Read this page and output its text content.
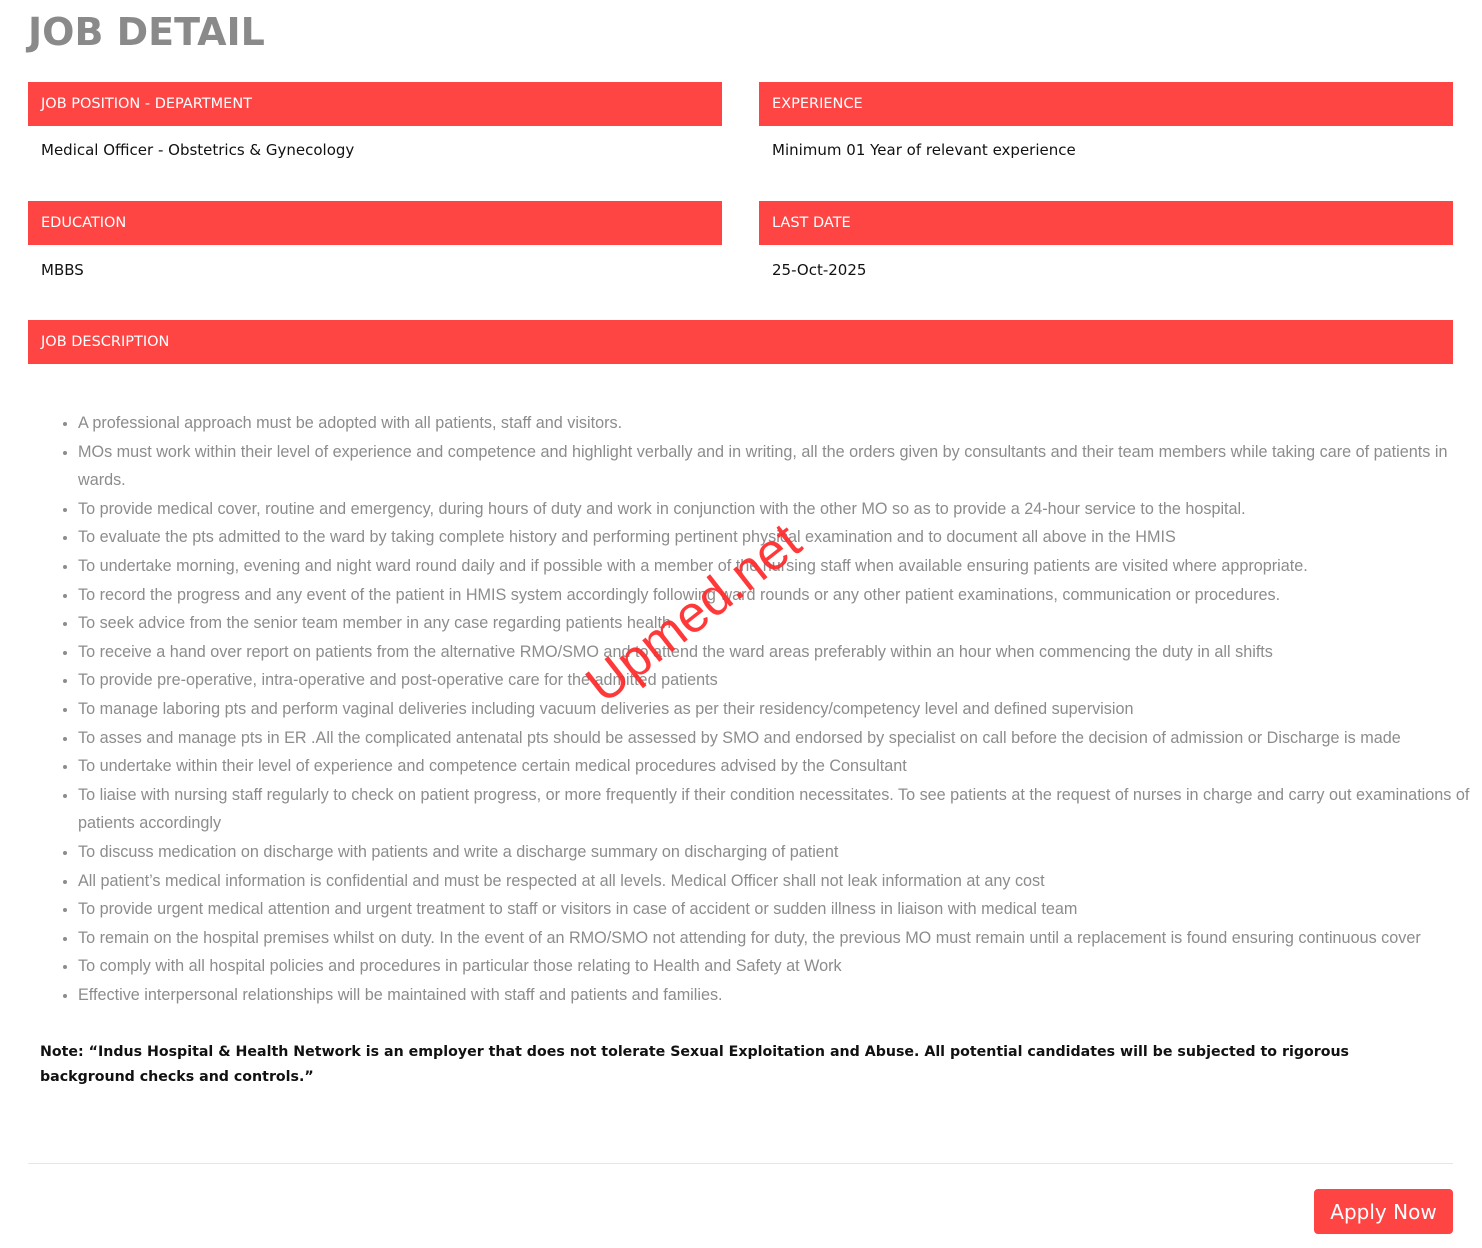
JOB DETAIL
JOB POSITION - DEPARTMENT
Medical Officer - Obstetrics & Gynecology
EXPERIENCE
Minimum 01 Year of relevant experience
EDUCATION
MBBS
LAST DATE
25-Oct-2025
JOB DESCRIPTION
• A professional approach must be adopted with all patients, staff and visitors.
• MOs must work within their level of experience and competence and highlight verbally and in writing, all the orders given by consultants and their team members while taking care of patients in wards.
• To provide medical cover, routine and emergency, during hours of duty and work in conjunction with the other MO so as to provide a 24-hour service to the hospital.
• To evaluate the pts admitted to the ward by taking complete history and performing pertinent physical examination and to document all above in the HMIS
• To undertake morning, evening and night ward round daily and if possible with a member of the nursing staff when available ensuring patients are visited where appropriate.
• To record the progress and any event of the patient in HMIS system accordingly following ward rounds or any other patient examinations, communication or procedures.
• To seek advice from the senior team member in any case regarding patients health
• To receive a hand over report on patients from the alternative RMO/SMO and to attend the ward areas preferably within an hour when commencing the duty in all shifts
• To provide pre-operative, intra-operative and post-operative care for the admitted patients
• To manage laboring pts and perform vaginal deliveries including vacuum deliveries as per their residency/competency level and defined supervision
• To asses and manage pts in ER .All the complicated antenatal pts should be assessed by SMO and endorsed by specialist on call before the decision of admission or Discharge is made
• To undertake within their level of experience and competence certain medical procedures advised by the Consultant
• To liaise with nursing staff regularly to check on patient progress, or more frequently if their condition necessitates. To see patients at the request of nurses in charge and carry out examinations of patients accordingly
• To discuss medication on discharge with patients and write a discharge summary on discharging of patient
• All patient’s medical information is confidential and must be respected at all levels. Medical Officer shall not leak information at any cost
• To provide urgent medical attention and urgent treatment to staff or visitors in case of accident or sudden illness in liaison with medical team
• To remain on the hospital premises whilst on duty. In the event of an RMO/SMO not attending for duty, the previous MO must remain until a replacement is found ensuring continuous cover
• To comply with all hospital policies and procedures in particular those relating to Health and Safety at Work
• Effective interpersonal relationships will be maintained with staff and patients and families.
Note: “Indus Hospital & Health Network is an employer that does not tolerate Sexual Exploitation and Abuse. All potential candidates will be subjected to rigorous background checks and controls.”
Apply Now
Upmed.net
